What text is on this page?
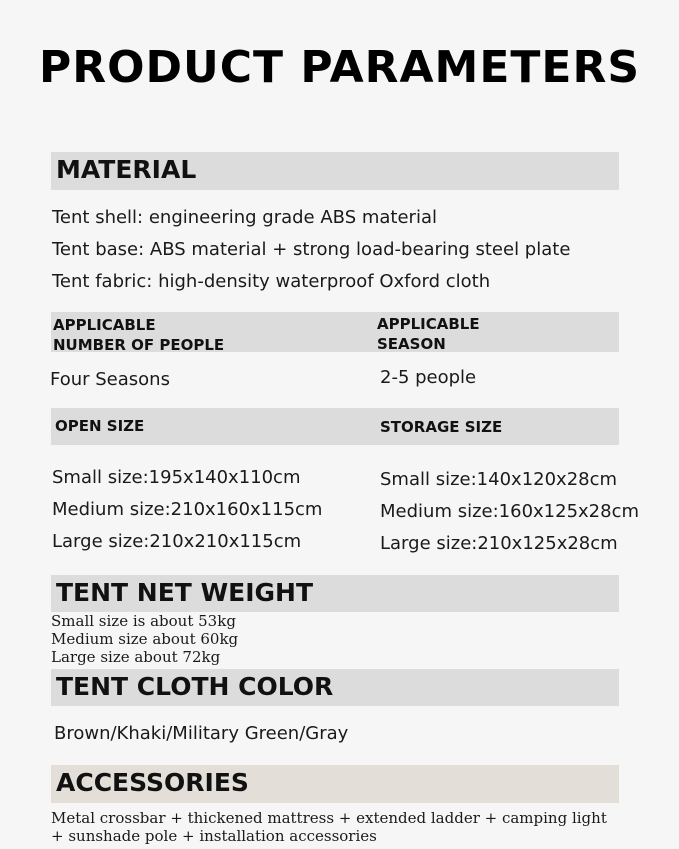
PRODUCT PARAMETERS
MATERIAL
Tent shell: engineering grade ABS material
Tent base: ABS material + strong load-bearing steel plate
Tent fabric: high-density waterproof Oxford cloth
APPLICABLE
NUMBER OF PEOPLE
APPLICABLE
SEASON
Four Seasons	2-5 people
OPEN SIZE	STORAGE SIZE
Small size:195x140x110cm
Medium size:210x160x115cm
Large size:210x210x115cm
Small size:140x120x28cm
Medium size:160x125x28cm
Large size:210x125x28cm
TENT NET WEIGHT
Small size is about 53kg
Medium size about 60kg
Large size about 72kg
TENT CLOTH COLOR
Brown/Khaki/Military Green/Gray
ACCESSORIES
Metal crossbar + thickened mattress + extended ladder + camping light
+ sunshade pole + installation accessories
